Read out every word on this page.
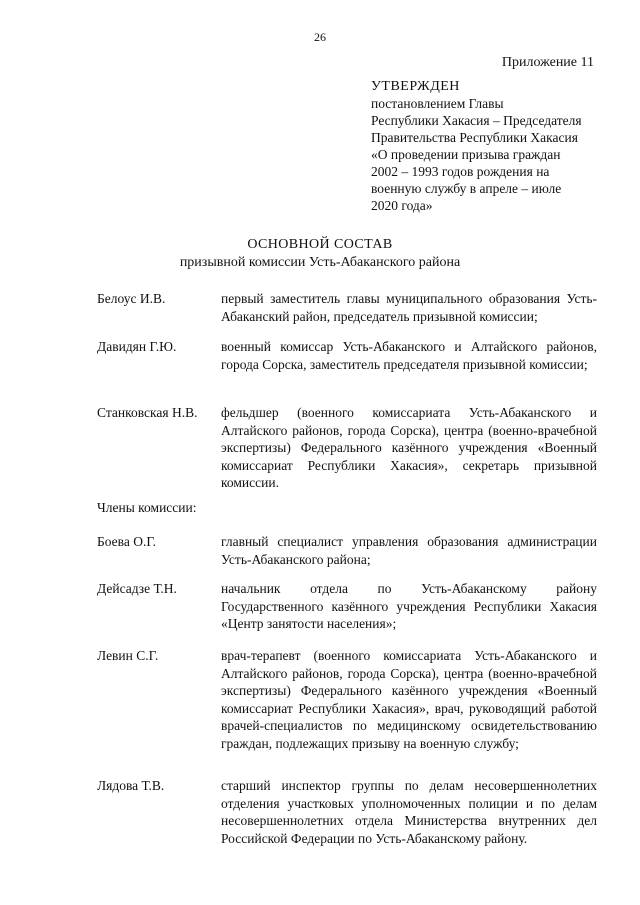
26
Приложение 11
УТВЕРЖДЕН
постановлением Главы
Республики Хакасия – Председателя
Правительства Республики Хакасия
«О проведении призыва граждан
2002 – 1993 годов рождения на
военную службу в апреле – июле
2020 года»
ОСНОВНОЙ СОСТАВ
призывной комиссии Усть-Абаканского района
Белоус И.В.	первый заместитель главы муниципального образования Усть-Абаканский район, председатель призывной комиссии;
Давидян Г.Ю.	военный комиссар Усть-Абаканского и Алтайского районов, города Сорска, заместитель председателя призывной комиссии;
Станковская Н.В.	фельдшер (военного комиссариата Усть-Абаканского и Алтайского районов, города Сорска), центра (военно-врачебной экспертизы) Федерального казённого учреждения «Военный комиссариат Республики Хакасия», секретарь призывной комиссии.
Члены комиссии:
Боева О.Г.	главный специалист управления образования администрации Усть-Абаканского района;
Дейсадзе Т.Н.	начальник отдела по Усть-Абаканскому району Государственного казённого учреждения Республики Хакасия «Центр занятости населения»;
Левин С.Г.	врач-терапевт (военного комиссариата Усть-Абаканского и Алтайского районов, города Сорска), центра (военно-врачебной экспертизы) Федерального казённого учреждения «Военный комиссариат Республики Хакасия», врач, руководящий работой врачей-специалистов по медицинскому освидетельствованию граждан, подлежащих призыву на военную службу;
Лядова Т.В.	старший инспектор группы по делам несовершеннолетних отделения участковых уполномоченных полиции и по делам несовершеннолетних отдела Министерства внутренних дел Российской Федерации по Усть-Абаканскому району.
